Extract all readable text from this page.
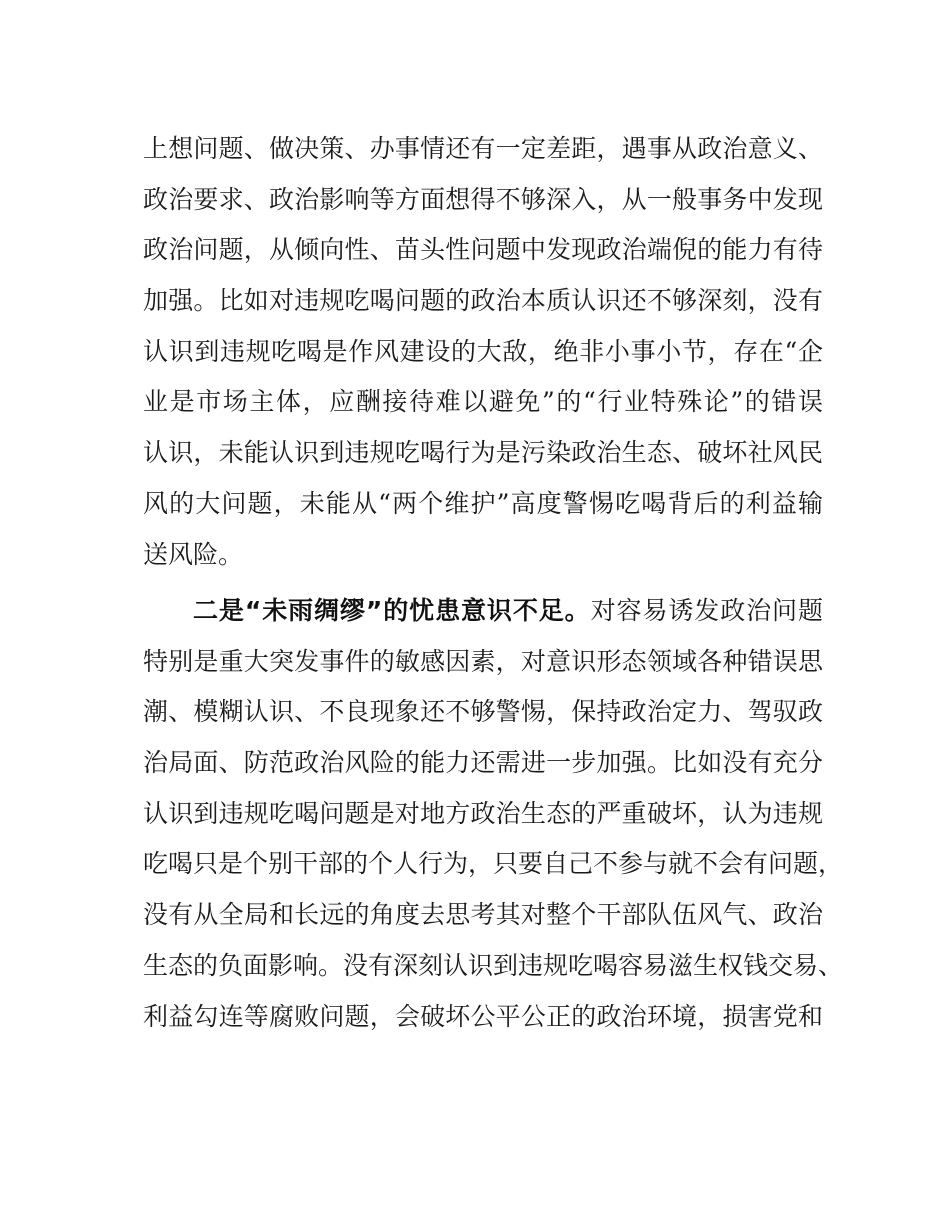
上想问题、做决策、办事情还有一定差距，遇事从政治意义、
政治要求、政治影响等方面想得不够深入，从一般事务中发现
政治问题，从倾向性、苗头性问题中发现政治端倪的能力有待
加强。比如对违规吃喝问题的政治本质认识还不够深刻，没有
认识到违规吃喝是作风建设的大敌，绝非小事小节，存在“企
业是市场主体，应酬接待难以避免”的“行业特殊论”的错误
认识，未能认识到违规吃喝行为是污染政治生态、破坏社风民
风的大问题，未能从“两个维护”高度警惕吃喝背后的利益输
送风险。
二是“未雨绸缪”的忧患意识不足。对容易诱发政治问题
特别是重大突发事件的敏感因素，对意识形态领域各种错误思
潮、模糊认识、不良现象还不够警惕，保持政治定力、驾驭政
治局面、防范政治风险的能力还需进一步加强。比如没有充分
认识到违规吃喝问题是对地方政治生态的严重破坏，认为违规
吃喝只是个别干部的个人行为，只要自己不参与就不会有问题，
没有从全局和长远的角度去思考其对整个干部队伍风气、政治
生态的负面影响。没有深刻认识到违规吃喝容易滋生权钱交易、
利益勾连等腐败问题，会破坏公平公正的政治环境，损害党和
